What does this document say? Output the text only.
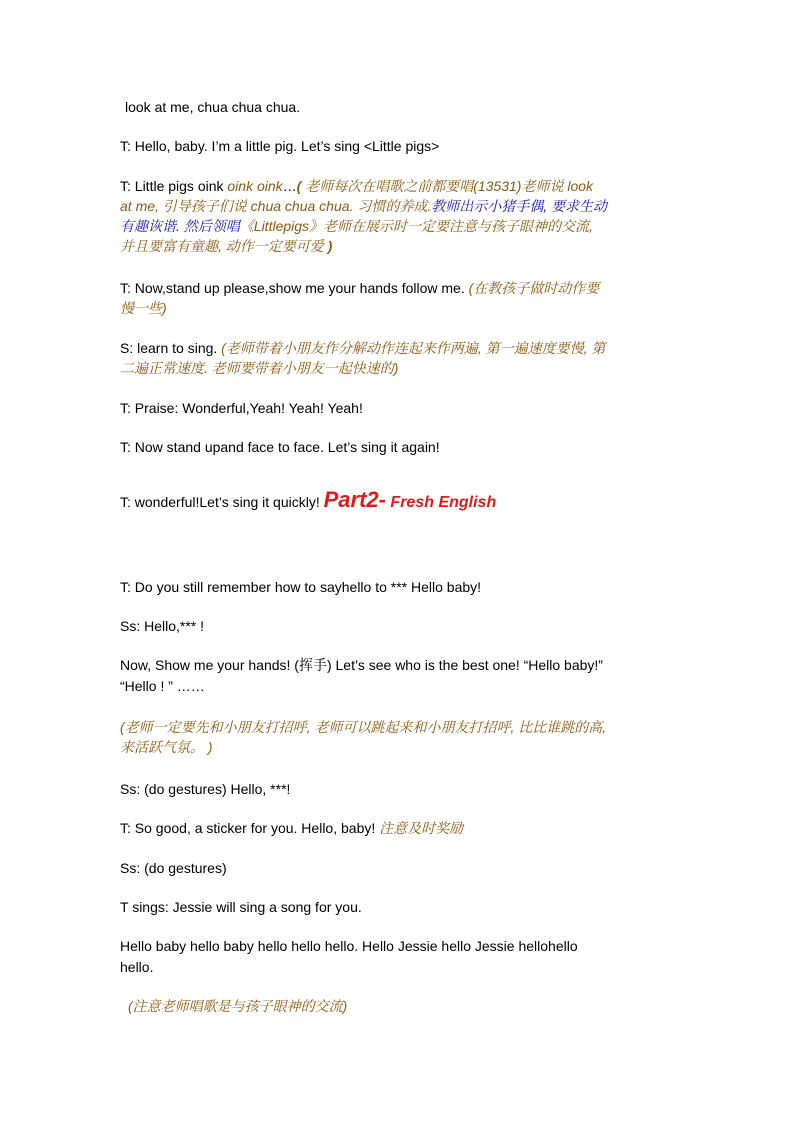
look at me, chua chua chua.
T: Hello, baby. I’m a little pig. Let’s sing <Little pigs>
T: Little pigs oink oink oink…( 老师每次在唱歌之前都要唱(13531)老师说 look
at me, 引导孩子们说 chua chua chua. 习惯的养成.教师出示小猪手偶, 要求生动
有趣诙谐. 然后领唱《Littlepigs》老师在展示时一定要注意与孩子眼神的交流,
并且要富有童趣, 动作一定要可爱 )
T: Now,stand up please,show me your hands follow me. (在教孩子做时动作要
慢一些)
S: learn to sing. (老师带着小朋友作分解动作连起来作两遍, 第一遍速度要慢, 第
二遍正常速度. 老师要带着小朋友一起快速的)
T: Praise: Wonderful,Yeah! Yeah! Yeah!
T: Now stand upand face to face. Let’s sing it again!
T: wonderful!Let’s sing it quickly! Part2- Fresh English
T: Do you still remember how to sayhello to *** Hello baby!
Ss: Hello,*** !
Now, Show me your hands! (挥手) Let’s see who is the best one! “Hello baby!”
“Hello ! ” ……
(老师一定要先和小朋友打招呼, 老师可以跳起来和小朋友打招呼, 比比谁跳的高,
来活跃气氛。 )
Ss: (do gestures) Hello, ***!
T: So good, a sticker for you. Hello, baby! 注意及时奖励
Ss: (do gestures)
T sings: Jessie will sing a song for you.
Hello baby hello baby hello hello hello. Hello Jessie hello Jessie hellohello
hello.
(注意老师唱歌是与孩子眼神的交流)
